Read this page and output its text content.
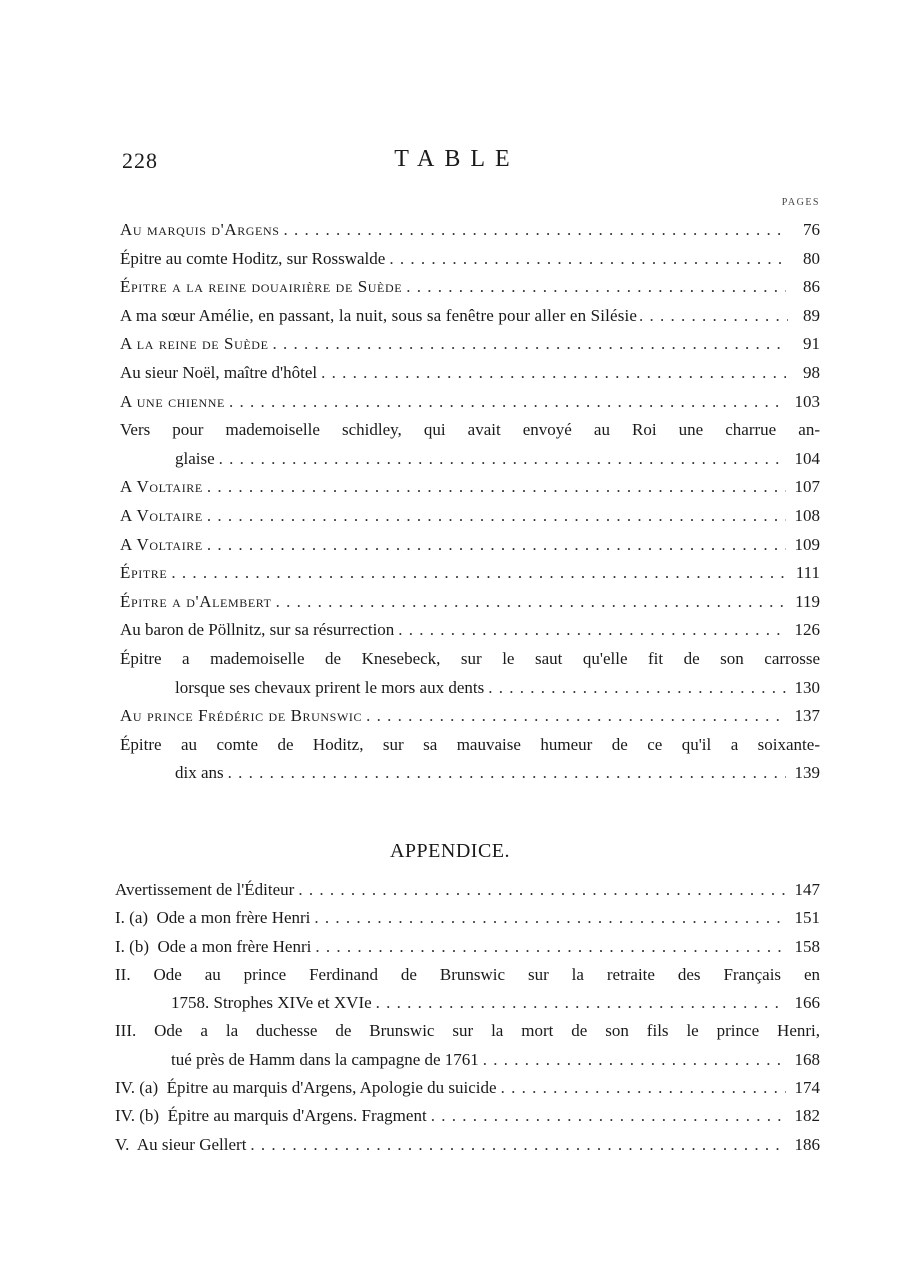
228	TABLE
PAGES
Au marquis d'Argens . . .	76
Épitre au comte Hoditz, sur Rosswalde . . .	80
Épitre a la reine douairière de Suède . . .	86
A ma sœur Amélie, en passant, la nuit, sous sa fenêtre pour aller en Silésie . . .	89
A la reine de Suède . . .	91
Au sieur Noël, maître d'hôtel . . .	98
A une chienne . . .	103
Vers pour mademoiselle schidley, qui avait envoyé au Roi une charrue an-
glaise . . .	104
A Voltaire . . .	107
A Voltaire . . .	108
A Voltaire . . .	109
Épitre . . .	111
Épitre a d'Alembert . . .	119
Au baron de Pöllnitz, sur sa résurrection . . .	126
Épitre a mademoiselle de Knesebeck, sur le saut qu'elle fit de son carrosse
lorsque ses chevaux prirent le mors aux dents . . .	130
Au prince Frédéric de Brunswic . . .	137
Épitre au comte de Hoditz, sur sa mauvaise humeur de ce qu'il a soixante-
dix ans . . .	139
APPENDICE.
Avertissement de l'Éditeur . . .	147
I. (a)  Ode a mon frère Henri . . .	151
I. (b)  Ode a mon frère Henri . . .	158
II. Ode au prince Ferdinand de Brunswic sur la retraite des Français en
1758. Strophes XIVe et XVIe . . .	166
III. Ode a la duchesse de Brunswic sur la mort de son fils le prince Henri,
tué près de Hamm dans la campagne de 1761 . . .	168
IV. (a)  Épitre au marquis d'Argens, Apologie du suicide . . .	174
IV. (b)  Épitre au marquis d'Argens. Fragment . . .	182
V.  Au sieur Gellert . . .	186
